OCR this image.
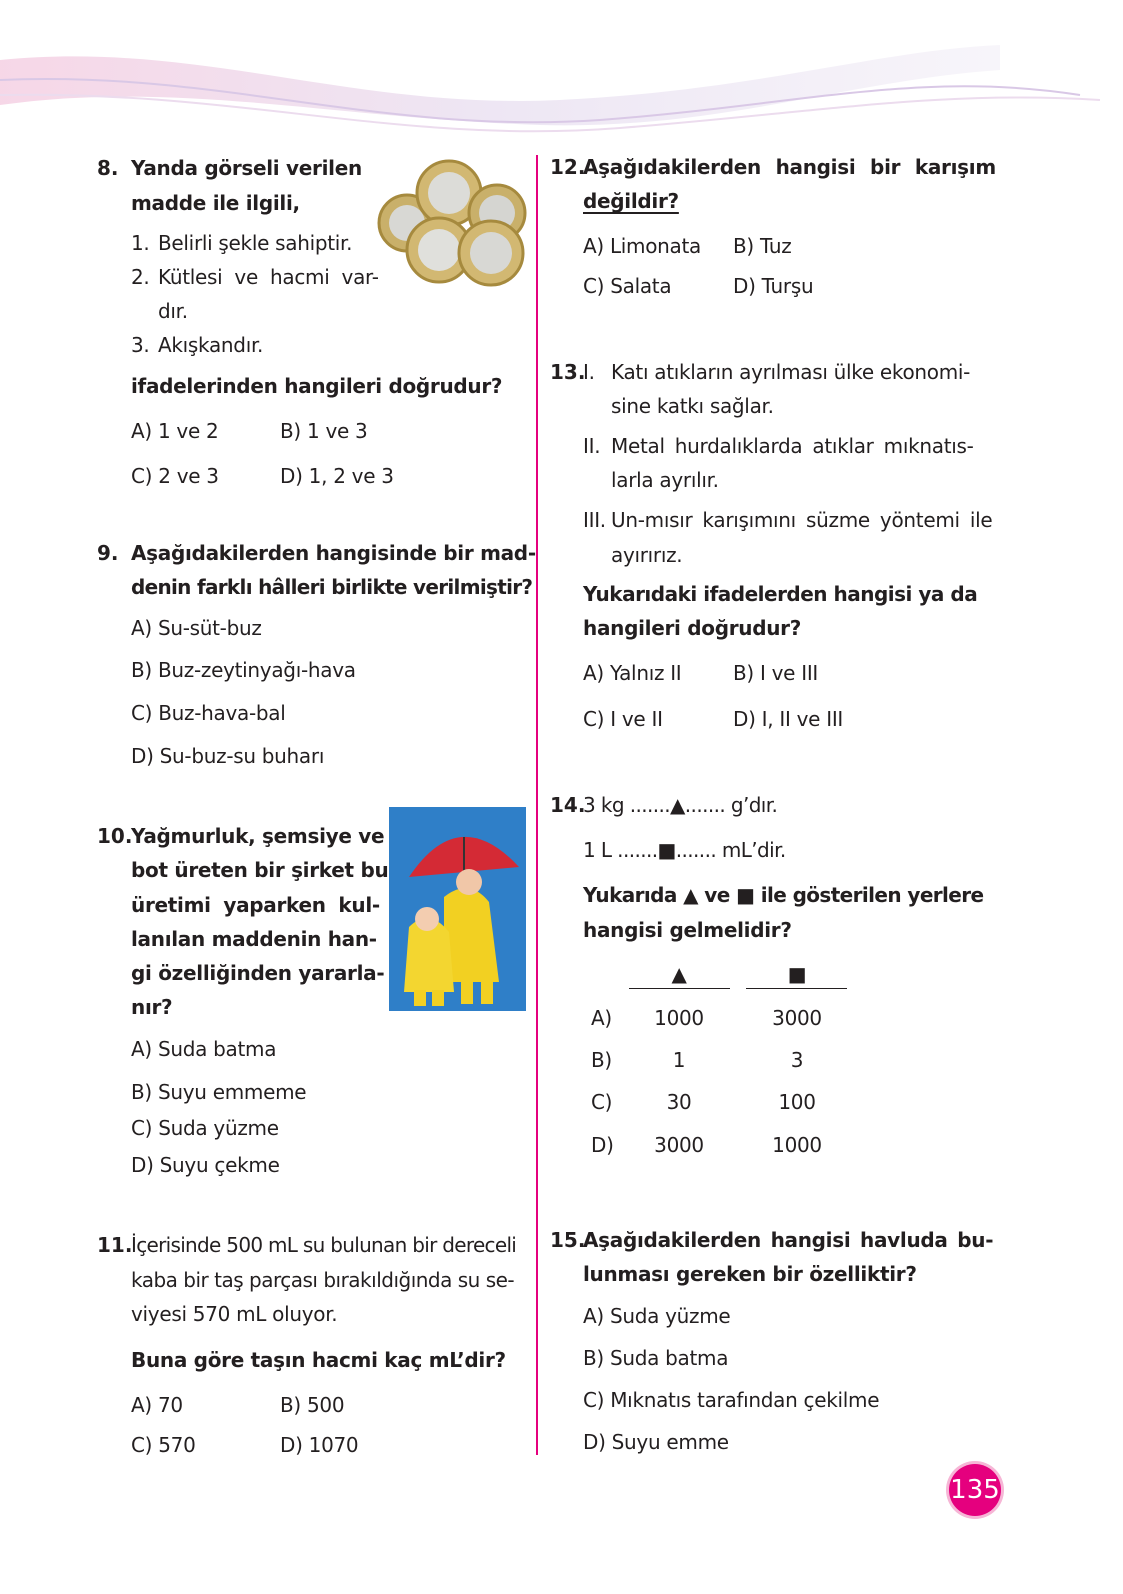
8. Yanda görseli verilen
madde ile ilgili,
1. Belirli şekle sahiptir.
2. Kütlesi ve hacmi var-
dır.
3. Akışkandır.
ifadelerinden hangileri doğrudur?
A) 1 ve 2	B) 1 ve 3
C) 2 ve 3	D) 1, 2 ve 3
9. Aşağıdakilerden hangisinde bir mad-
denin farklı hâlleri birlikte verilmiştir?
A) Su-süt-buz
B) Buz-zeytinyağı-hava
C) Buz-hava-bal
D) Su-buz-su buharı
10.
Yağmurluk, şemsiye ve
bot üreten bir şirket bu
üretimi yaparken kul-
lanılan maddenin han-
gi özelliğinden yararla-
nır?
A) Suda batma
B) Suyu emmeme
C) Suda yüzme
D) Suyu çekme
11.
İçerisinde 500 mL su bulunan bir dereceli
kaba bir taş parçası bırakıldığında su se-
viyesi 570 mL oluyor.
Buna göre taşın hacmi kaç mL’dir?
A) 70	B) 500
C) 570	D) 1070
12.
Aşağıdakilerden hangisi bir karışım
değildir?
A) Limonata B) Tuz
C) Salata	D) Turşu
13.
I. Katı atıkların ayrılması ülke ekonomi-
sine katkı sağlar.
II. Metal hurdalıklarda atıklar mıknatıs-
larla ayrılır.
III. Un-mısır karışımını süzme yöntemi ile
ayırırız.
Yukarıdaki ifadelerden hangisi ya da
hangileri doğrudur?
A) Yalnız II	B) I ve III
C) I ve II	D) I, II ve III
14.
3 kg .......▲....... g’dır.
1 L .......■....... mL’dir.
Yukarıda ▲ ve ■ ile gösterilen yerlere
hangisi gelmelidir?
▲	■
A)	1000	3000
B)	1	3
C)	30	100
D)	3000	1000
15.
Aşağıdakilerden hangisi havluda bu-
lunması gereken bir özelliktir?
A) Suda yüzme
B) Suda batma
C) Mıknatıs tarafından çekilme
D) Suyu emme
135
